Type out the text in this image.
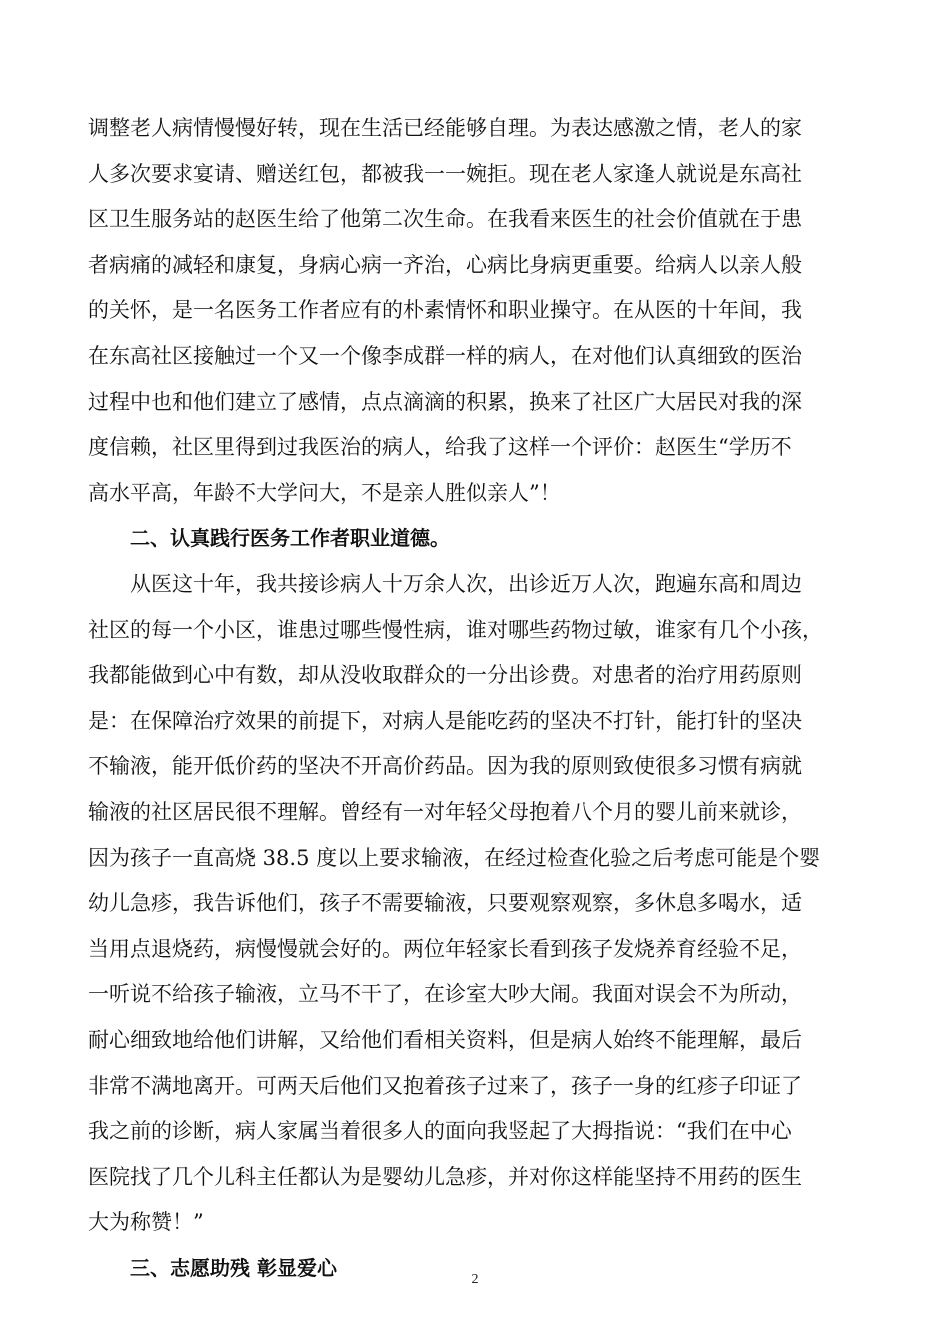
调整老人病情慢慢好转，现在生活已经能够自理。为表达感激之情，老人的家
人多次要求宴请、赠送红包，都被我一一婉拒。现在老人家逢人就说是东高社
区卫生服务站的赵医生给了他第二次生命。在我看来医生的社会价值就在于患
者病痛的减轻和康复，身病心病一齐治，心病比身病更重要。给病人以亲人般
的关怀，是一名医务工作者应有的朴素情怀和职业操守。在从医的十年间，我
在东高社区接触过一个又一个像李成群一样的病人，在对他们认真细致的医治
过程中也和他们建立了感情，点点滴滴的积累，换来了社区广大居民对我的深
度信赖，社区里得到过我医治的病人，给我了这样一个评价：赵医生“学历不
高水平高，年龄不大学问大，不是亲人胜似亲人”！
二、认真践行医务工作者职业道德。
从医这十年，我共接诊病人十万余人次，出诊近万人次，跑遍东高和周边
社区的每一个小区，谁患过哪些慢性病，谁对哪些药物过敏，谁家有几个小孩，
我都能做到心中有数，却从没收取群众的一分出诊费。对患者的治疗用药原则
是：在保障治疗效果的前提下，对病人是能吃药的坚决不打针，能打针的坚决
不输液，能开低价药的坚决不开高价药品。因为我的原则致使很多习惯有病就
输液的社区居民很不理解。曾经有一对年轻父母抱着八个月的婴儿前来就诊，
因为孩子一直高烧 38.5 度以上要求输液，在经过检查化验之后考虑可能是个婴
幼儿急疹，我告诉他们，孩子不需要输液，只要观察观察，多休息多喝水，适
当用点退烧药，病慢慢就会好的。两位年轻家长看到孩子发烧养育经验不足，
一听说不给孩子输液，立马不干了，在诊室大吵大闹。我面对误会不为所动，
耐心细致地给他们讲解，又给他们看相关资料，但是病人始终不能理解，最后
非常不满地离开。可两天后他们又抱着孩子过来了，孩子一身的红疹子印证了
我之前的诊断，病人家属当着很多人的面向我竖起了大拇指说：“我们在中心
医院找了几个儿科主任都认为是婴幼儿急疹，并对你这样能坚持不用药的医生
大为称赞！”
三、志愿助残 彰显爱心	2
